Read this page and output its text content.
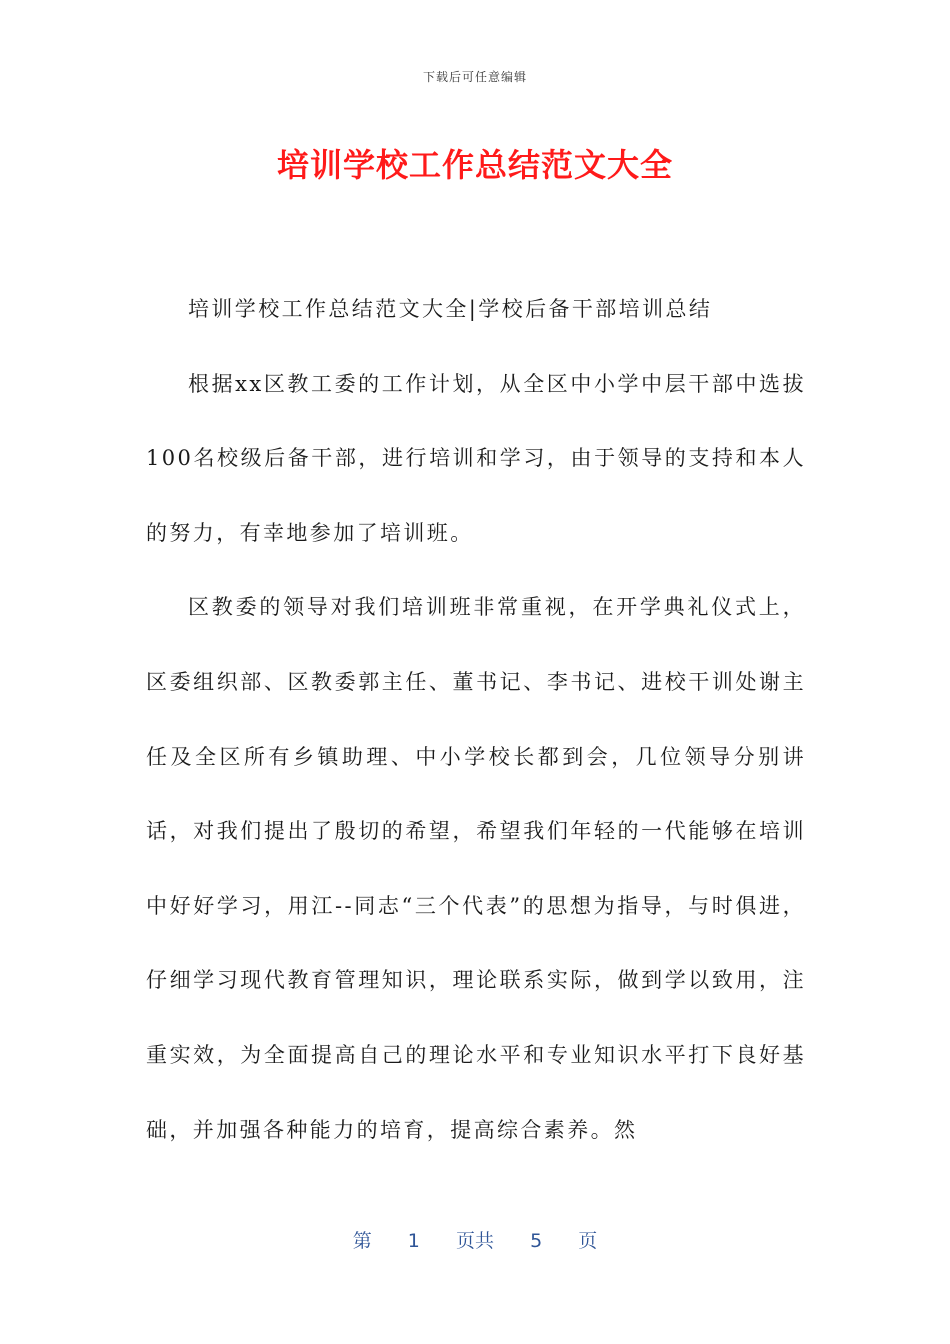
下载后可任意编辑
培训学校工作总结范文大全

培训学校工作总结范文大全|学校后备干部培训总结

根据xx区教工委的工作计划，从全区中小学中层干部中选拔100名校级后备干部，进行培训和学习，由于领导的支持和本人的努力，有幸地参加了培训班。

区教委的领导对我们培训班非常重视，在开学典礼仪式上，区委组织部、区教委郭主任、董书记、李书记、进校干训处谢主任及全区所有乡镇助理、中小学校长都到会，几位领导分别讲话，对我们提出了殷切的希望，希望我们年轻的一代能够在培训中好好学习，用江--同志“三个代表”的思想为指导，与时俱进，仔细学习现代教育管理知识，理论联系实际，做到学以致用，注重实效，为全面提高自己的理论水平和专业知识水平打下良好基础，并加强各种能力的培育，提高综合素养。然

第 1 页共 5 页
